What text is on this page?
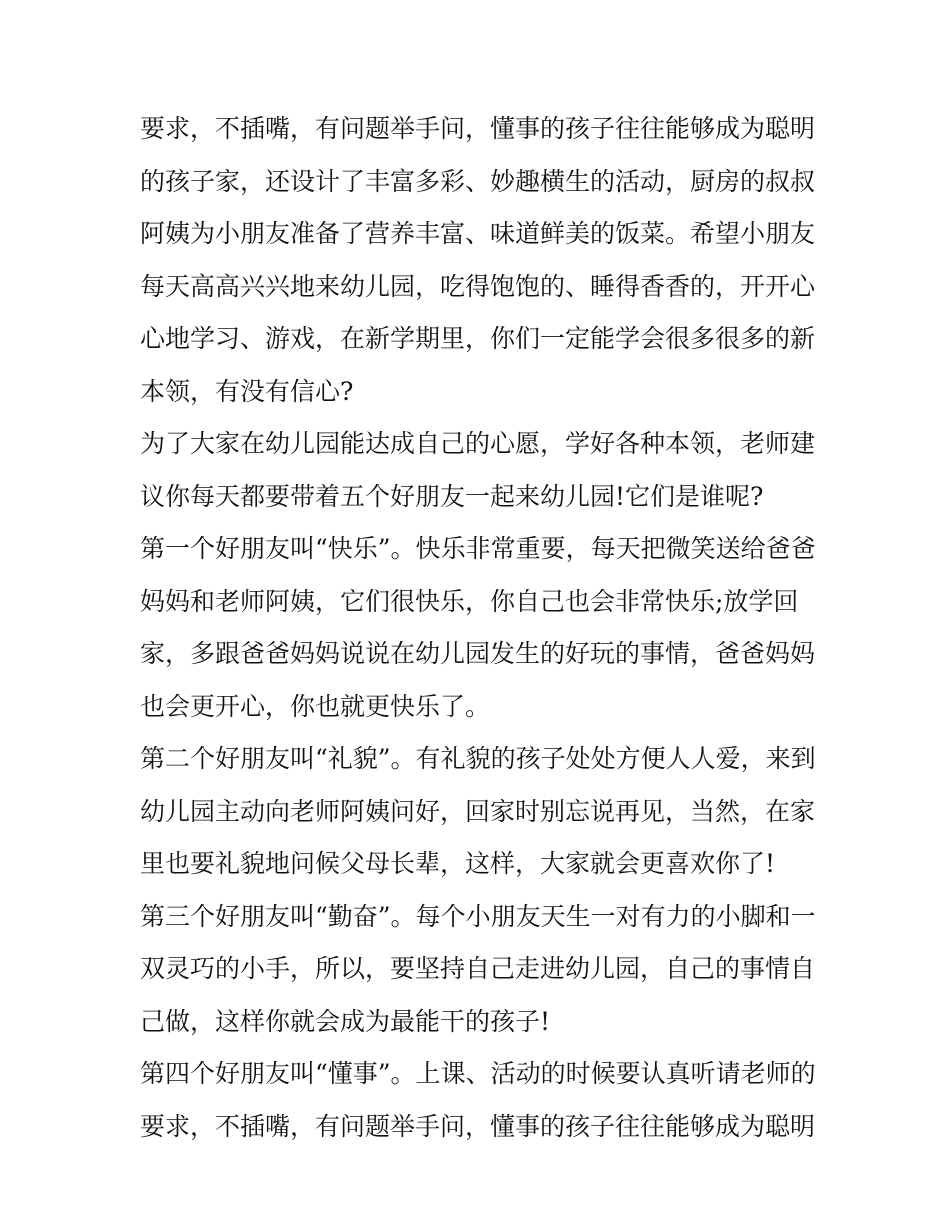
要求，不插嘴，有问题举手问，懂事的孩子往往能够成为聪明
的孩子家，还设计了丰富多彩、妙趣横生的活动，厨房的叔叔
阿姨为小朋友准备了营养丰富、味道鲜美的饭菜。希望小朋友
每天高高兴兴地来幼儿园，吃得饱饱的、睡得香香的，开开心
心地学习、游戏，在新学期里，你们一定能学会很多很多的新
本领，有没有信心?
为了大家在幼儿园能达成自己的心愿，学好各种本领，老师建
议你每天都要带着五个好朋友一起来幼儿园!它们是谁呢?
第一个好朋友叫“快乐”。快乐非常重要，每天把微笑送给爸爸
妈妈和老师阿姨，它们很快乐，你自己也会非常快乐;放学回
家，多跟爸爸妈妈说说在幼儿园发生的好玩的事情，爸爸妈妈
也会更开心，你也就更快乐了。
第二个好朋友叫“礼貌”。有礼貌的孩子处处方便人人爱，来到
幼儿园主动向老师阿姨问好，回家时别忘说再见，当然，在家
里也要礼貌地问候父母长辈，这样，大家就会更喜欢你了!
第三个好朋友叫“勤奋”。每个小朋友天生一对有力的小脚和一
双灵巧的小手，所以，要坚持自己走进幼儿园，自己的事情自
己做，这样你就会成为最能干的孩子!
第四个好朋友叫“懂事”。上课、活动的时候要认真听请老师的
要求，不插嘴，有问题举手问，懂事的孩子往往能够成为聪明
